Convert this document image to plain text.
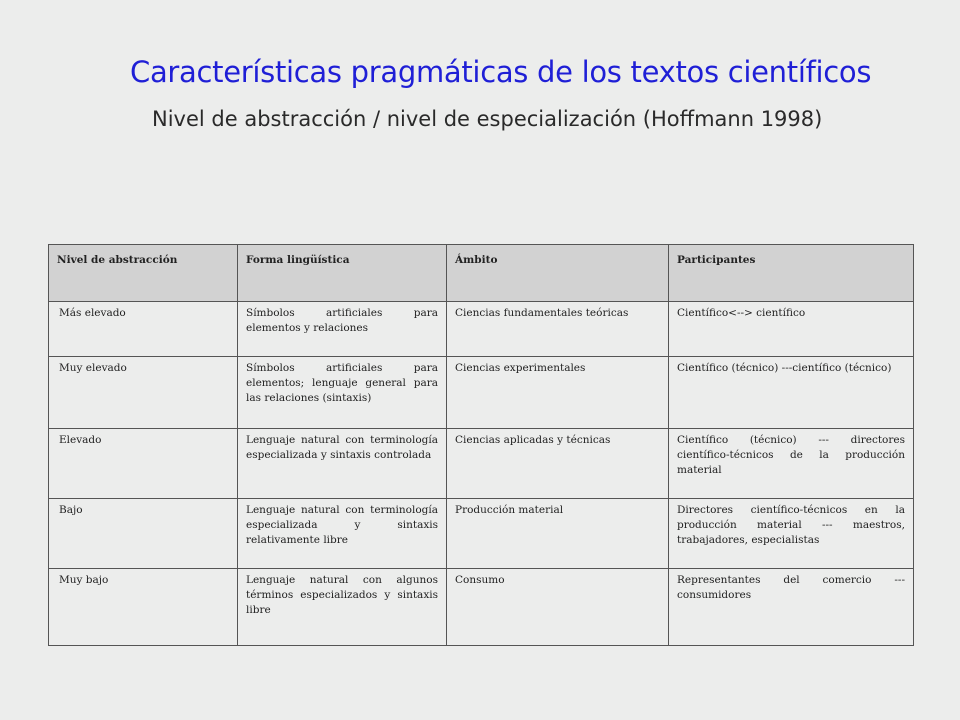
Características pragmáticas de los textos científicos
Nivel de abstracción / nivel de especialización (Hoffmann 1998)
Nivel de abstracción	Forma lingüística	Ámbito	Participantes
Más elevado	Símbolos artificiales para elementos y relaciones	Ciencias fundamentales teóricas	Científico<--> científico
Muy elevado	Símbolos artificiales para elementos; lenguaje general para las relaciones (sintaxis)	Ciencias experimentales	Científico (técnico) ---científico (técnico)
Elevado	Lenguaje natural con terminología especializada y sintaxis controlada	Ciencias aplicadas y técnicas	Científico (técnico) --- directores científico-técnicos de la producción material
Bajo	Lenguaje natural con terminología especializada y sintaxis relativamente libre	Producción material	Directores científico-técnicos en la producción material --- maestros, trabajadores, especialistas
Muy bajo	Lenguaje natural con algunos términos especializados y sintaxis libre	Consumo	Representantes del comercio --- consumidores
